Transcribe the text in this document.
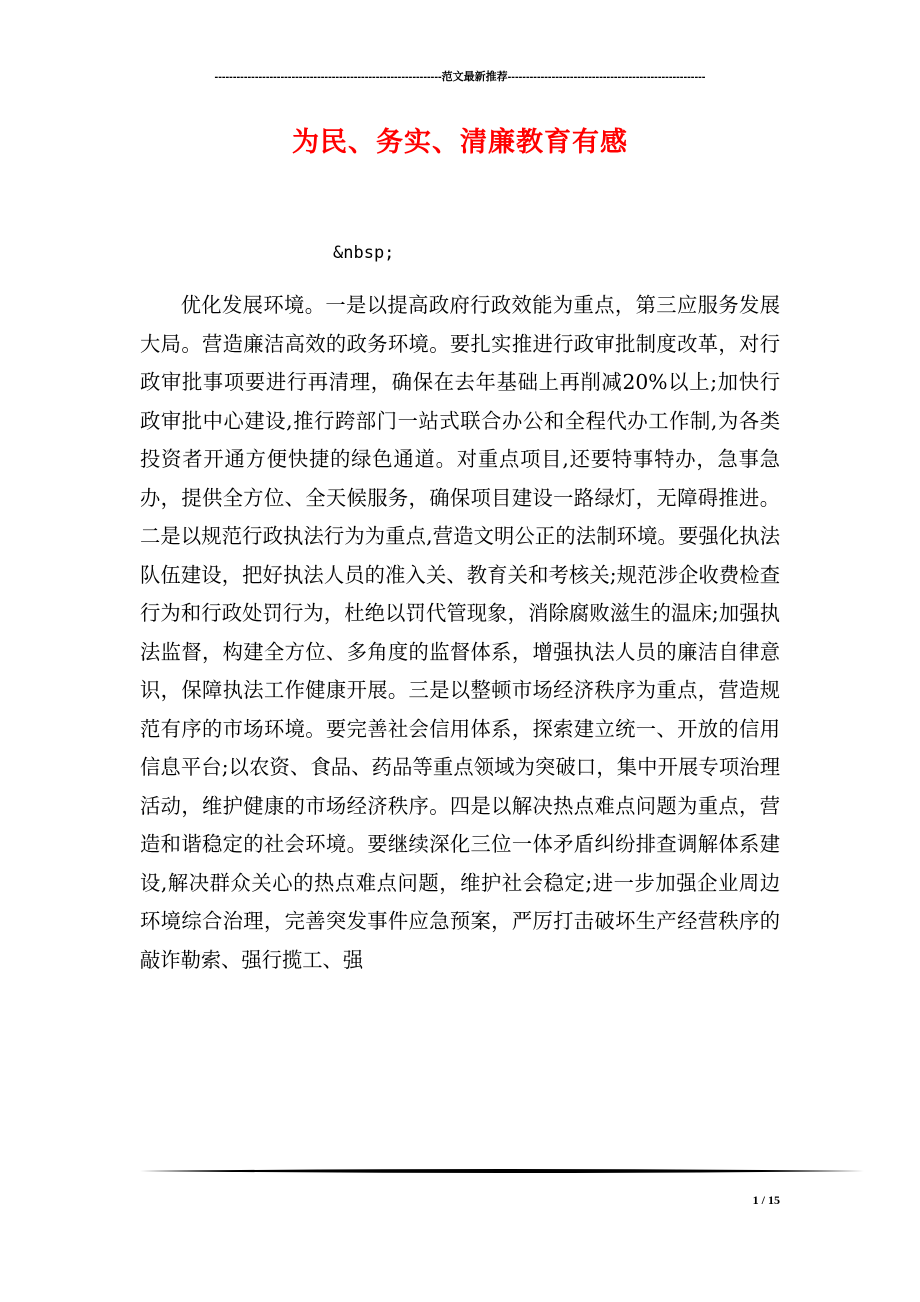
--------------------------------------------------------------范文最新推荐------------------------------------------------------
为民、务实、清廉教育有感
&nbsp;
优化发展环境。一是以提高政府行政效能为重点，第三应服务发展大局。营造廉洁高效的政务环境。要扎实推进行政审批制度改革，对行政审批事项要进行再清理，确保在去年基础上再削减20%以上;加快行政审批中心建设,推行跨部门一站式联合办公和全程代办工作制,为各类投资者开通方便快捷的绿色通道。对重点项目,还要特事特办，急事急办，提供全方位、全天候服务，确保项目建设一路绿灯，无障碍推进。二是以规范行政执法行为为重点,营造文明公正的法制环境。要强化执法队伍建设，把好执法人员的准入关、教育关和考核关;规范涉企收费检查行为和行政处罚行为，杜绝以罚代管现象，消除腐败滋生的温床;加强执法监督，构建全方位、多角度的监督体系，增强执法人员的廉洁自律意识，保障执法工作健康开展。三是以整顿市场经济秩序为重点，营造规范有序的市场环境。要完善社会信用体系，探索建立统一、开放的信用信息平台;以农资、食品、药品等重点领域为突破口，集中开展专项治理活动，维护健康的市场经济秩序。四是以解决热点难点问题为重点，营造和谐稳定的社会环境。要继续深化三位一体矛盾纠纷排查调解体系建设,解决群众关心的热点难点问题，维护社会稳定;进一步加强企业周边环境综合治理，完善突发事件应急预案，严厉打击破坏生产经营秩序的敲诈勒索、强行揽工、强
1 / 15
